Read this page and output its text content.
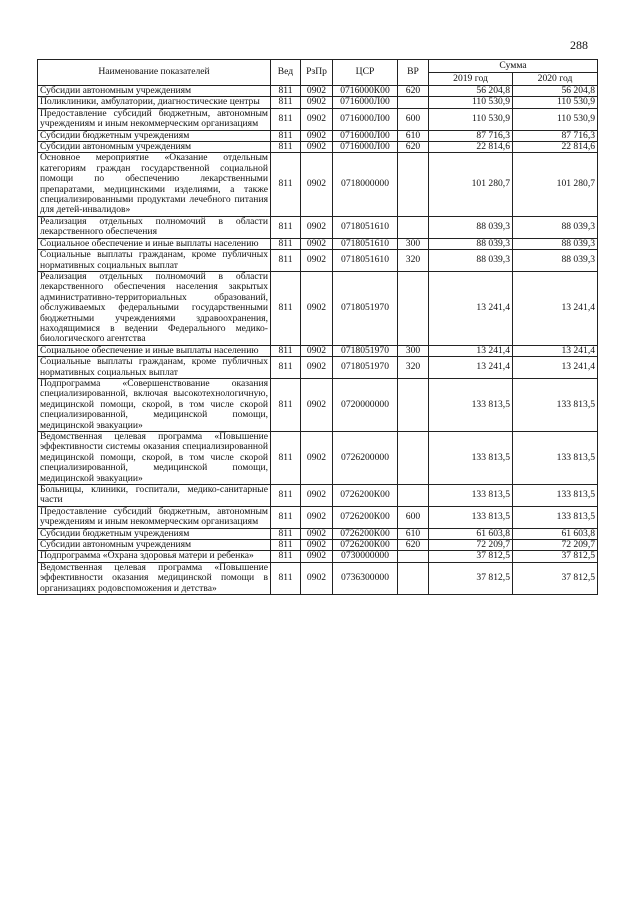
288
Наименование показателей	Вед	РзПр	ЦСР	ВР	Сумма	
					2019 год	2020 год
Субсидии автономным учреждениям	811	0902	0716000К00	620	56 204,8	56 204,8
Поликлиники, амбулатории, диагностические центры	811	0902	0716000Л00		110 530,9	110 530,9
Предоставление субсидий бюджетным, автономным учреждениям и иным некоммерческим организациям	811	0902	0716000Л00	600	110 530,9	110 530,9
Субсидии бюджетным учреждениям	811	0902	0716000Л00	610	87 716,3	87 716,3
Субсидии автономным учреждениям	811	0902	0716000Л00	620	22 814,6	22 814,6
Основное мероприятие «Оказание отдельным категориям граждан государственной социальной помощи по обеспечению лекарственными препаратами, медицинскими изделиями, а также специализированными продуктами лечебного питания для детей-инвалидов»	811	0902	0718000000		101 280,7	101 280,7
Реализация отдельных полномочий в области лекарственного обеспечения	811	0902	0718051610		88 039,3	88 039,3
Социальное обеспечение и иные выплаты населению	811	0902	0718051610	300	88 039,3	88 039,3
Социальные выплаты гражданам, кроме публичных нормативных социальных выплат	811	0902	0718051610	320	88 039,3	88 039,3
Реализация отдельных полномочий в области лекарственного обеспечения населения закрытых административно-территориальных образований, обслуживаемых федеральными государственными бюджетными учреждениями здравоохранения, находящимися в ведении Федерального медико-биологического агентства	811	0902	0718051970		13 241,4	13 241,4
Социальное обеспечение и иные выплаты населению	811	0902	0718051970	300	13 241,4	13 241,4
Социальные выплаты гражданам, кроме публичных нормативных социальных выплат	811	0902	0718051970	320	13 241,4	13 241,4
Подпрограмма «Совершенствование оказания специализированной, включая высокотехнологичную, медицинской помощи, скорой, в том числе скорой специализированной, медицинской помощи, медицинской эвакуации»	811	0902	0720000000		133 813,5	133 813,5
Ведомственная целевая программа «Повышение эффективности системы оказания специализированной медицинской помощи, скорой, в том числе скорой специализированной, медицинской помощи, медицинской эвакуации»	811	0902	0726200000		133 813,5	133 813,5
Больницы, клиники, госпитали, медико-санитарные части	811	0902	0726200К00		133 813,5	133 813,5
Предоставление субсидий бюджетным, автономным учреждениям и иным некоммерческим организациям	811	0902	0726200К00	600	133 813,5	133 813,5
Субсидии бюджетным учреждениям	811	0902	0726200К00	610	61 603,8	61 603,8
Субсидии автономным учреждениям	811	0902	0726200К00	620	72 209,7	72 209,7
Подпрограмма «Охрана здоровья матери и ребенка»	811	0902	0730000000		37 812,5	37 812,5
Ведомственная целевая программа «Повышение эффективности оказания медицинской помощи в организациях родовспоможения и детства»	811	0902	0736300000		37 812,5	37 812,5
